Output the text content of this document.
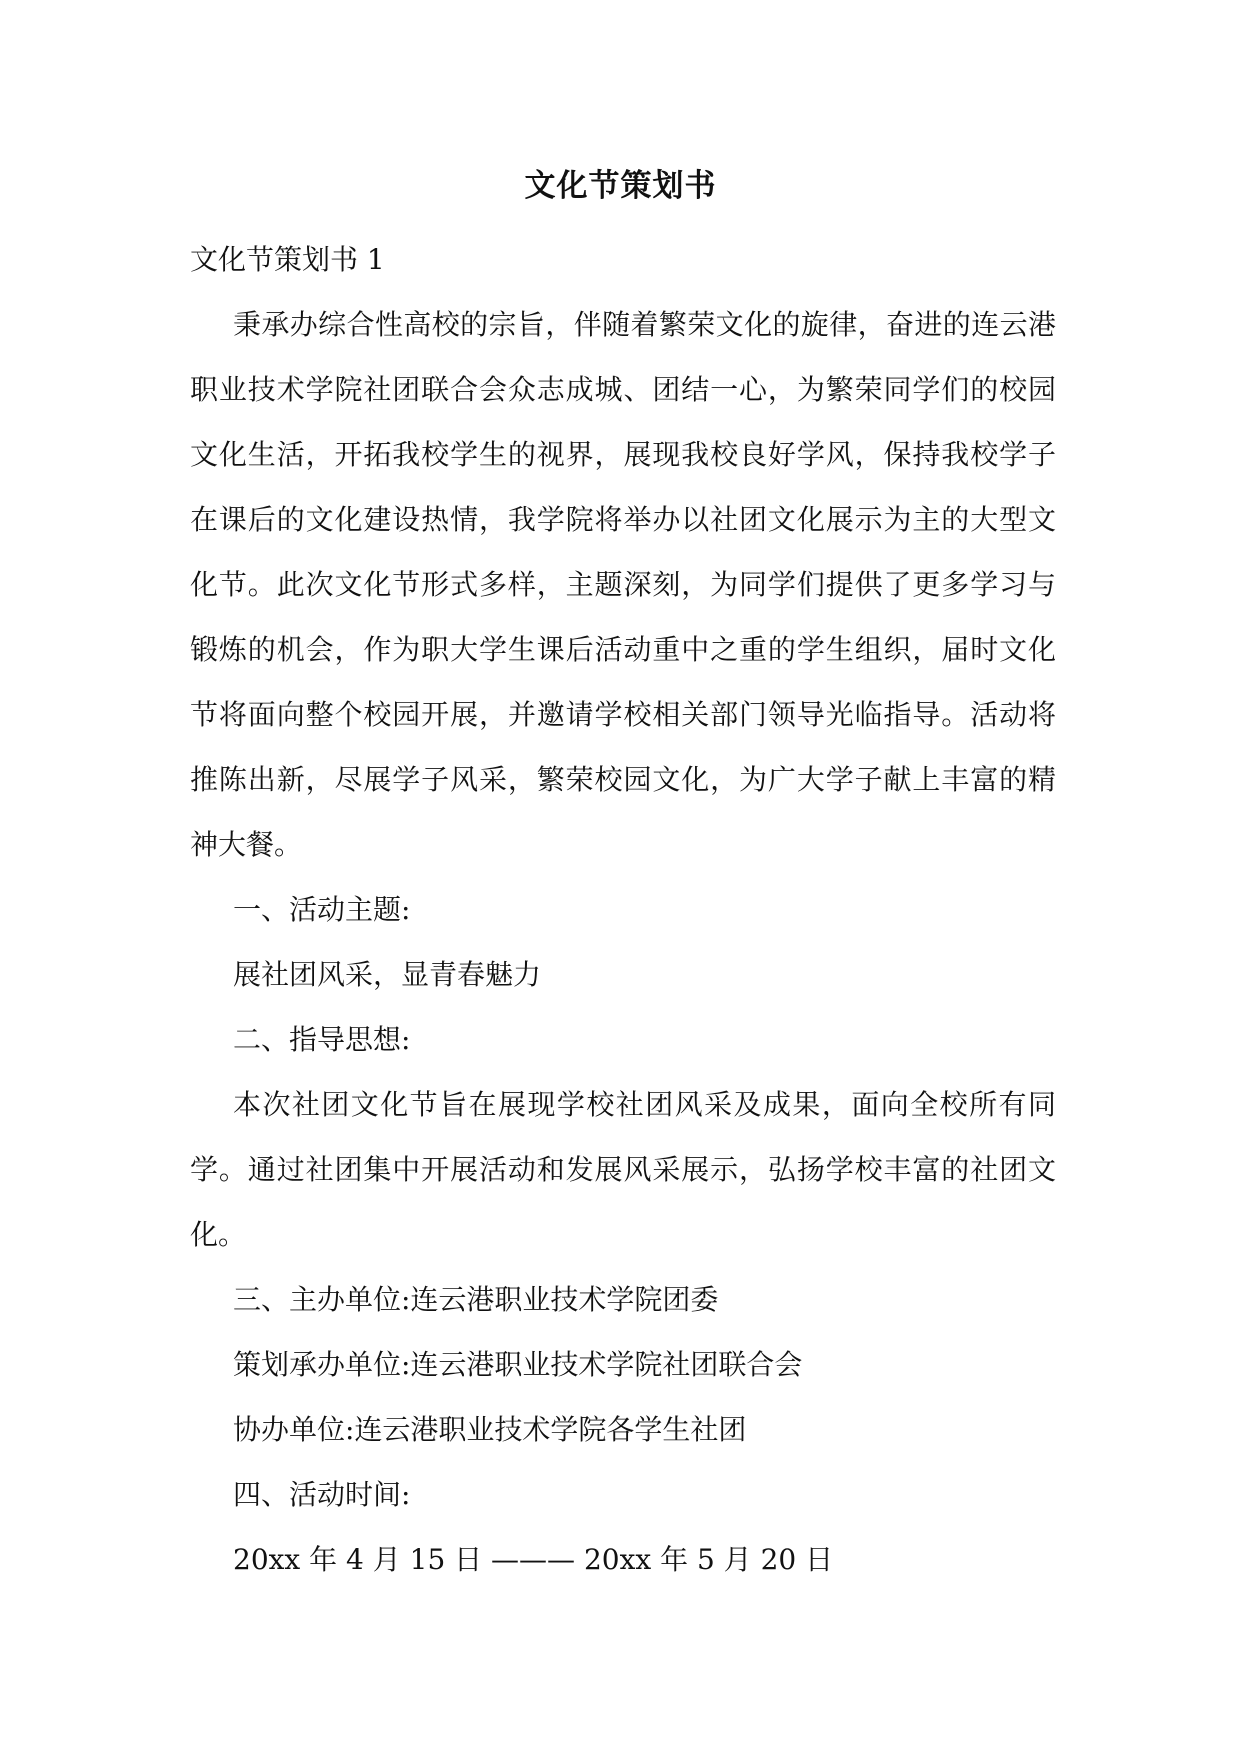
文化节策划书

文化节策划书 1

秉承办综合性高校的宗旨，伴随着繁荣文化的旋律，奋进的连云港职业技术学院社团联合会众志成城、团结一心，为繁荣同学们的校园文化生活，开拓我校学生的视界，展现我校良好学风，保持我校学子在课后的文化建设热情，我学院将举办以社团文化展示为主的大型文化节。此次文化节形式多样，主题深刻，为同学们提供了更多学习与锻炼的机会，作为职大学生课后活动重中之重的学生组织，届时文化节将面向整个校园开展，并邀请学校相关部门领导光临指导。活动将推陈出新，尽展学子风采，繁荣校园文化，为广大学子献上丰富的精神大餐。

一、活动主题:

展社团风采，显青春魅力

二、指导思想:

本次社团文化节旨在展现学校社团风采及成果，面向全校所有同学。通过社团集中开展活动和发展风采展示，弘扬学校丰富的社团文化。

三、主办单位:连云港职业技术学院团委

策划承办单位:连云港职业技术学院社团联合会

协办单位:连云港职业技术学院各学生社团

四、活动时间:

20xx 年 4 月 15 日 ——— 20xx 年 5 月 20 日
